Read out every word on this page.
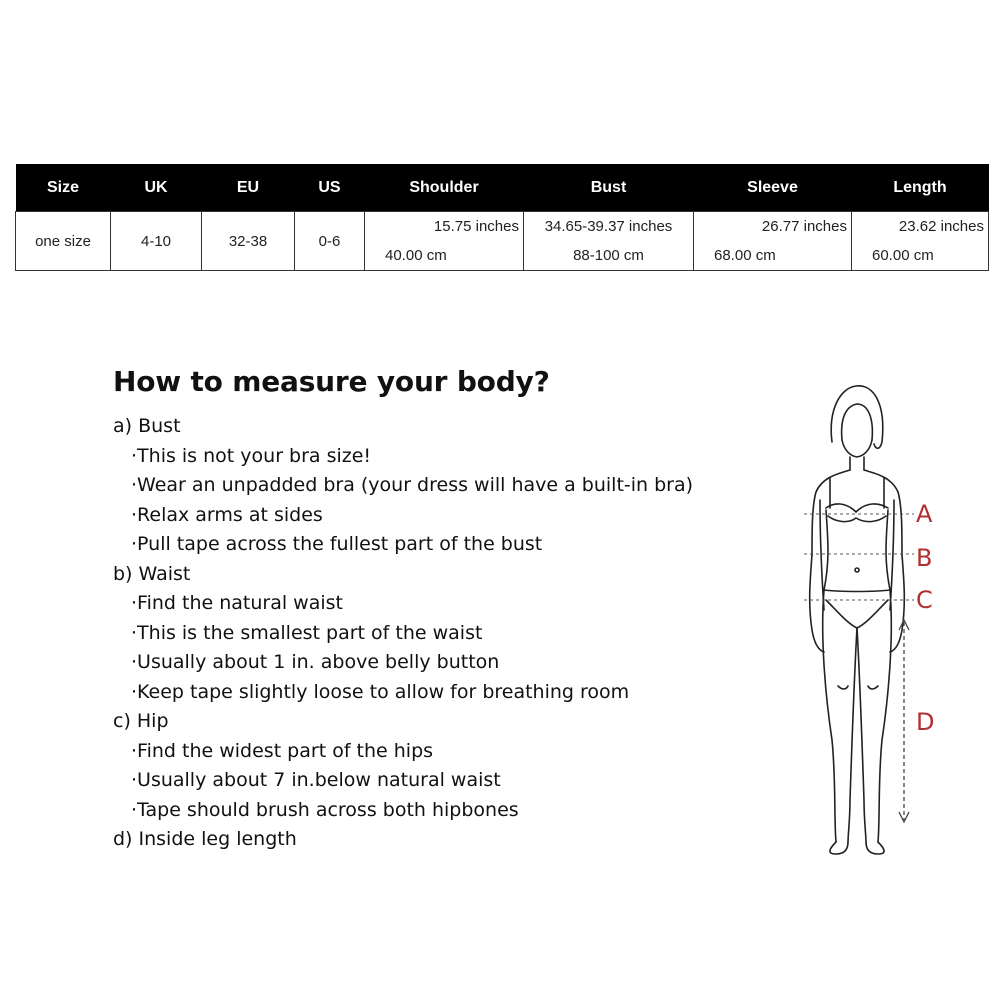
Size	UK	EU	US	Shoulder	Bust	Sleeve	Length
one size	4-10	32-38	0-6	15.75 inches	34.65-39.37 inches	26.77 inches	23.62 inches
				40.00 cm	88-100 cm	68.00 cm	60.00 cm
How to measure your body?

a) Bust

·This is not your bra size!

·Wear an unpadded bra (your dress will have a built-in bra)

·Relax arms at sides

·Pull tape across the fullest part of the bust

b) Waist

·Find the natural waist

·This is the smallest part of the waist

·Usually about 1 in. above belly button

·Keep tape slightly loose to allow for breathing room

c) Hip

·Find the widest part of the hips

·Usually about 7 in.below natural waist

·Tape should brush across both hipbones

d) Inside leg length

A
B
C
D
